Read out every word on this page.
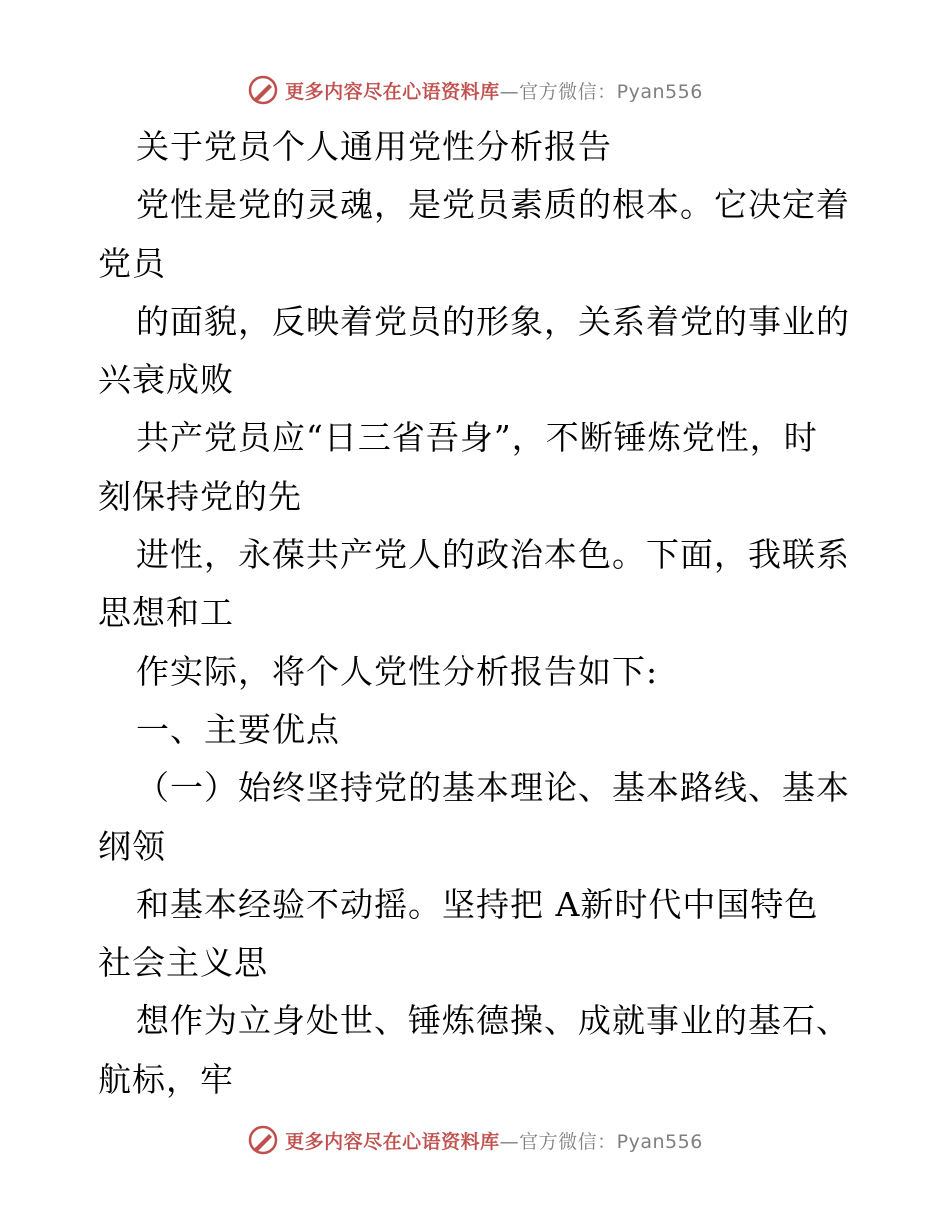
更多内容尽在心语资料库—官方微信：Pyan556
关于党员个人通用党性分析报告
党性是党的灵魂，是党员素质的根本。它决定着
党员
的面貌，反映着党员的形象，关系着党的事业的
兴衰成败
共产党员应“日三省吾身”，不断锤炼党性，时
刻保持党的先
进性，永葆共产党人的政治本色。下面，我联系
思想和工
作实际，将个人党性分析报告如下:
一、主要优点
（一）始终坚持党的基本理论、基本路线、基本
纲领
和基本经验不动摇。坚持把 A新时代中国特色
社会主义思
想作为立身处世、锤炼德操、成就事业的基石、
航标，牢
更多内容尽在心语资料库—官方微信：Pyan556
